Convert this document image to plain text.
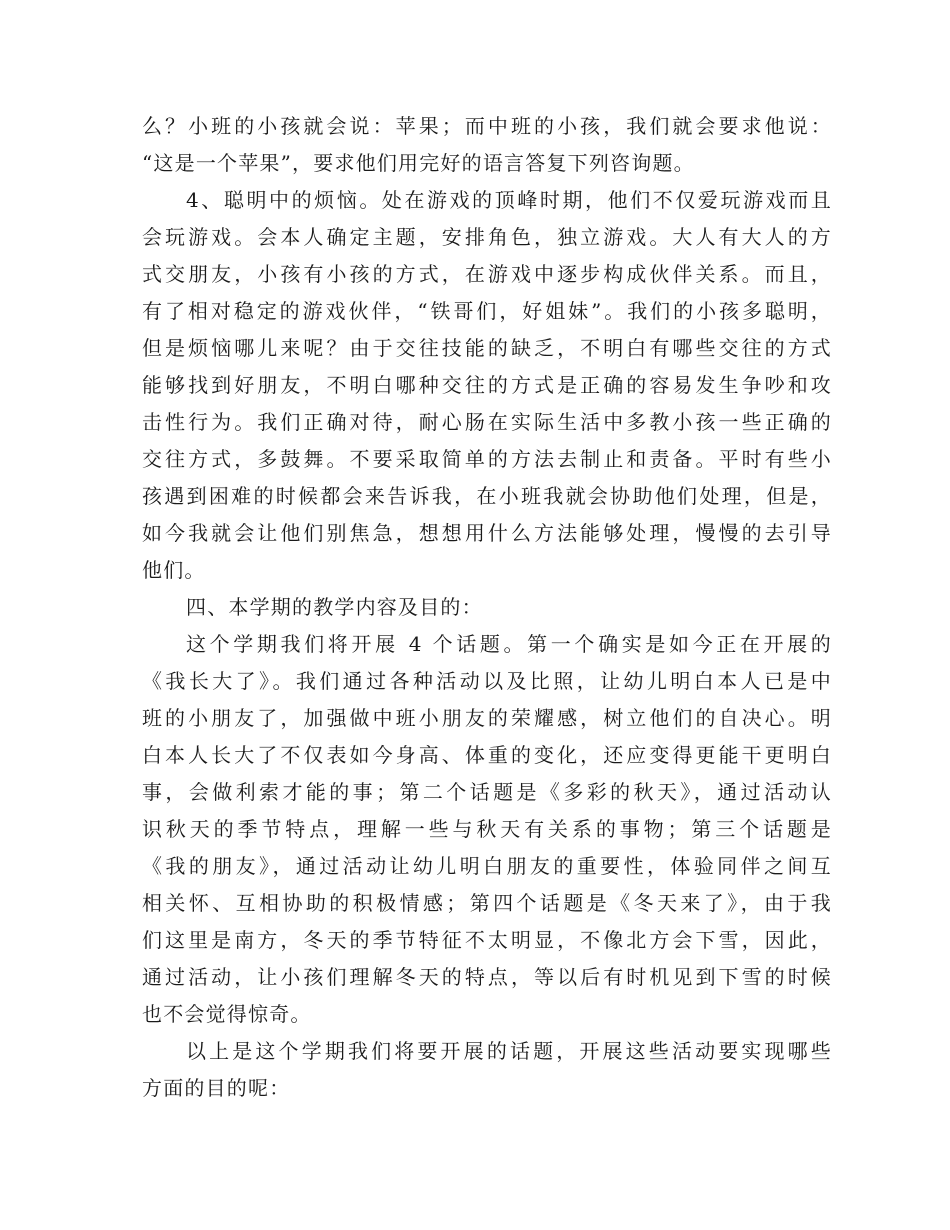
么？小班的小孩就会说：苹果；而中班的小孩，我们就会要求他说：
“这是一个苹果”，要求他们用完好的语言答复下列咨询题。
4、聪明中的烦恼。处在游戏的顶峰时期，他们不仅爱玩游戏而且
会玩游戏。会本人确定主题，安排角色，独立游戏。大人有大人的方
式交朋友，小孩有小孩的方式，在游戏中逐步构成伙伴关系。而且，
有了相对稳定的游戏伙伴，“铁哥们，好姐妹”。我们的小孩多聪明，
但是烦恼哪儿来呢？由于交往技能的缺乏，不明白有哪些交往的方式
能够找到好朋友，不明白哪种交往的方式是正确的容易发生争吵和攻
击性行为。我们正确对待，耐心肠在实际生活中多教小孩一些正确的
交往方式，多鼓舞。不要采取简单的方法去制止和责备。平时有些小
孩遇到困难的时候都会来告诉我，在小班我就会协助他们处理，但是，
如今我就会让他们别焦急，想想用什么方法能够处理，慢慢的去引导
他们。
四、本学期的教学内容及目的：
这个学期我们将开展 4 个话题。第一个确实是如今正在开展的
《我长大了》。我们通过各种活动以及比照，让幼儿明白本人已是中
班的小朋友了，加强做中班小朋友的荣耀感，树立他们的自决心。明
白本人长大了不仅表如今身高、体重的变化，还应变得更能干更明白
事，会做利索才能的事；第二个话题是《多彩的秋天》，通过活动认
识秋天的季节特点，理解一些与秋天有关系的事物；第三个话题是
《我的朋友》，通过活动让幼儿明白朋友的重要性，体验同伴之间互
相关怀、互相协助的积极情感；第四个话题是《冬天来了》，由于我
们这里是南方，冬天的季节特征不太明显，不像北方会下雪，因此，
通过活动，让小孩们理解冬天的特点，等以后有时机见到下雪的时候
也不会觉得惊奇。
以上是这个学期我们将要开展的话题，开展这些活动要实现哪些
方面的目的呢：
